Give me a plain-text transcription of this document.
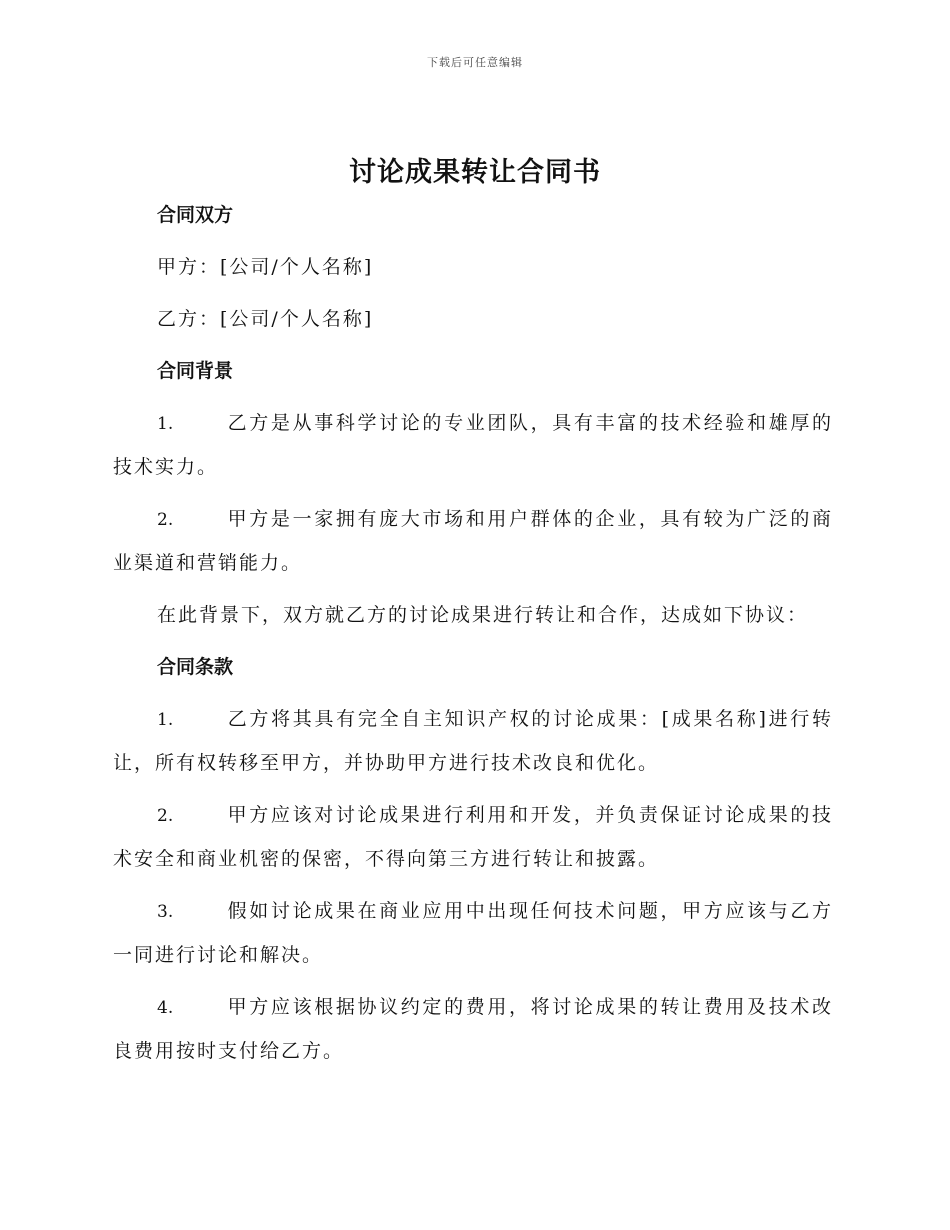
下载后可任意编辑
讨论成果转让合同书
合同双方
甲方：[公司/个人名称]
乙方：[公司/个人名称]
合同背景
1.	乙方是从事科学讨论的专业团队，具有丰富的技术经验和雄厚的技术实力。
2.	甲方是一家拥有庞大市场和用户群体的企业，具有较为广泛的商业渠道和营销能力。
在此背景下，双方就乙方的讨论成果进行转让和合作，达成如下协议：
合同条款
1.	乙方将其具有完全自主知识产权的讨论成果：[成果名称]进行转让，所有权转移至甲方，并协助甲方进行技术改良和优化。
2.	甲方应该对讨论成果进行利用和开发，并负责保证讨论成果的技术安全和商业机密的保密，不得向第三方进行转让和披露。
3.	假如讨论成果在商业应用中出现任何技术问题，甲方应该与乙方一同进行讨论和解决。
4.	甲方应该根据协议约定的费用，将讨论成果的转让费用及技术改良费用按时支付给乙方。
